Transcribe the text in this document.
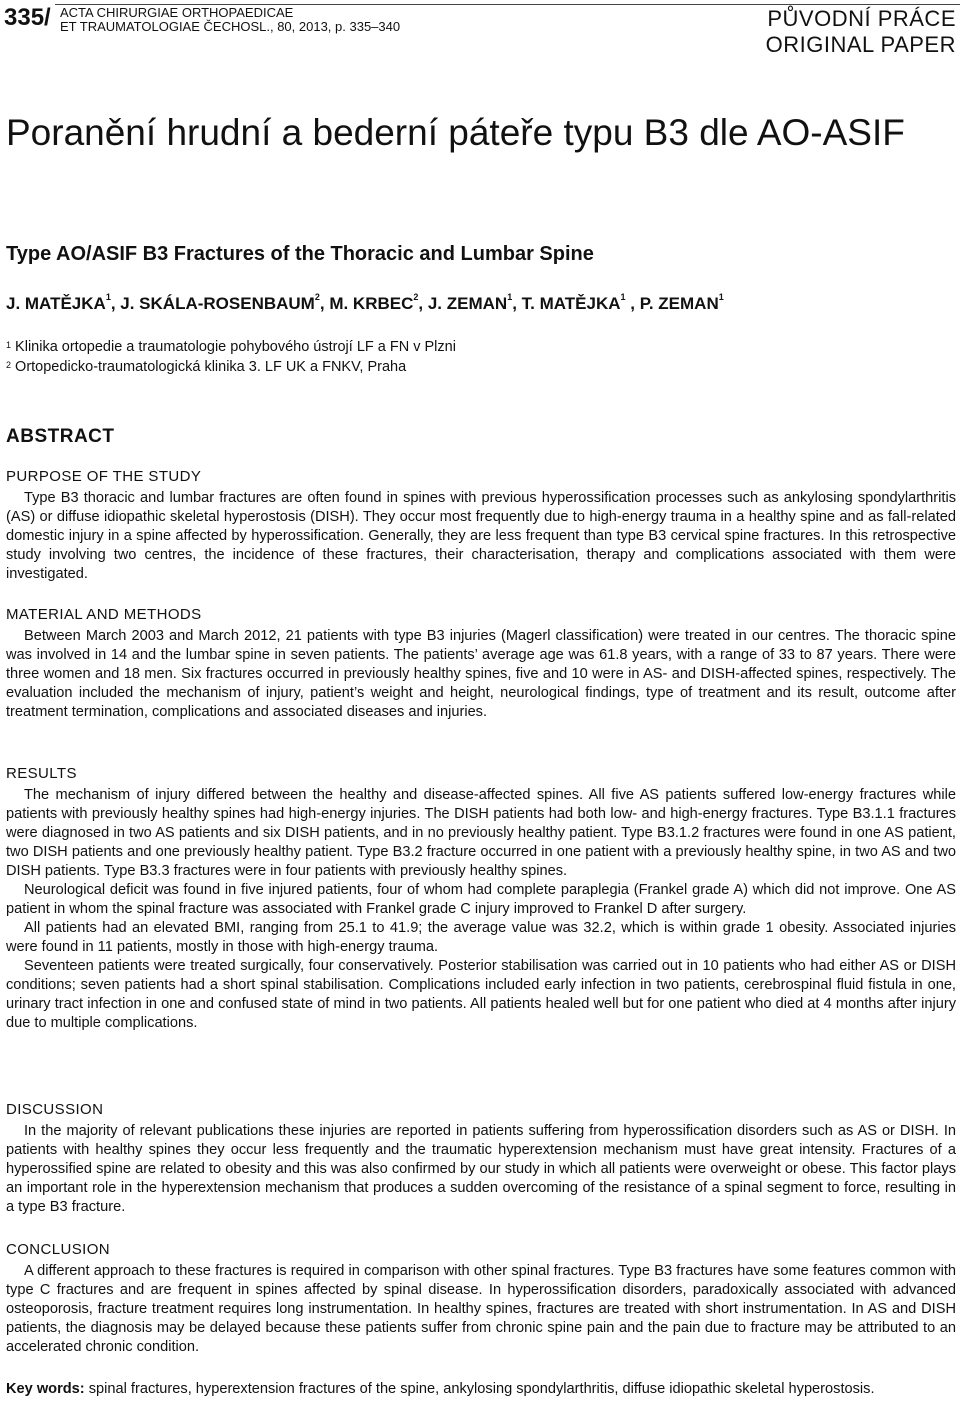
335/ ACTA CHIRURGIAE ORTHOPAEDICAE
ET TRAUMATOLOGIAE ČECHOSL., 80, 2013, p. 335–340	PŮVODNÍ PRÁCE
ORIGINAL PAPER
Poranění hrudní a bederní páteře typu B3 dle AO-ASIF
Type AO/ASIF B3 Fractures of the Thoracic and Lumbar Spine
J. MATĚJKA$^1$, J. SKÁLA-ROSENBAUM$^2$, M. KRBEC$^2$, J. ZEMAN$^1$, T. MATĚJKA$^1$ , P. ZEMAN$^1$
$^1$ Klinika ortopedie a traumatologie pohybového ústrojí LF a FN v Plzni
$^2$ Ortopedicko-traumatologická klinika 3. LF UK a FNKV, Praha
ABSTRACT
PURPOSE OF THE STUDY

Type B3 thoracic and lumbar fractures are often found in spines with previous hyperossification processes such as ankylosing spondylarthritis (AS) or diffuse idiopathic skeletal hyperostosis (DISH). They occur most frequently due to high-energy trauma in a healthy spine and as fall-related domestic injury in a spine affected by hyperossification. Generally, they are less frequent than type B3 cervical spine fractures. In this retrospective study involving two centres, the incidence of these fractures, their characterisation, therapy and complications associated with them were investigated.

MATERIAL AND METHODS

Between March 2003 and March 2012, 21 patients with type B3 injuries (Magerl classification) were treated in our centres. The thoracic spine was involved in 14 and the lumbar spine in seven patients. The patients’ average age was 61.8 years, with a range of 33 to 87 years. There were three women and 18 men. Six fractures occurred in previously healthy spines, five and 10 were in AS- and DISH-affected spines, respectively. The evaluation included the mechanism of injury, patient’s weight and height, neurological findings, type of treatment and its result, outcome after treatment termination, complications and associated diseases and injuries.

RESULTS

The mechanism of injury differed between the healthy and disease-affected spines. All five AS patients suffered low-energy fractures while patients with previously healthy spines had high-energy injuries. The DISH patients had both low- and high-energy fractures. Type B3.1.1 fractures were diagnosed in two AS patients and six DISH patients, and in no previously healthy patient. Type B3.1.2 fractures were found in one AS patient, two DISH patients and one previously healthy patient. Type B3.2 fracture occurred in one patient with a previously healthy spine, in two AS and two DISH patients. Type B3.3 fractures were in four patients with previously healthy spines.

Neurological deficit was found in five injured patients, four of whom had complete paraplegia (Frankel grade A) which did not improve. One AS patient in whom the spinal fracture was associated with Frankel grade C injury improved to Frankel D after surgery.

All patients had an elevated BMI, ranging from 25.1 to 41.9; the average value was 32.2, which is within grade 1 obesity. Associated injuries were found in 11 patients, mostly in those with high-energy trauma.

Seventeen patients were treated surgically, four conservatively. Posterior stabilisation was carried out in 10 patients who had either AS or DISH conditions; seven patients had a short spinal stabilisation. Complications included early infection in two patients, cerebrospinal fluid fistula in one, urinary tract infection in one and confused state of mind in two patients. All patients healed well but for one patient who died at 4 months after injury due to multiple complications.

DISCUSSION

In the majority of relevant publications these injuries are reported in patients suffering from hyperossification disorders such as AS or DISH. In patients with healthy spines they occur less frequently and the traumatic hyperextension mechanism must have great intensity. Fractures of a hyperossified spine are related to obesity and this was also confirmed by our study in which all patients were overweight or obese. This factor plays an important role in the hyperextension mechanism that produces a sudden overcoming of the resistance of a spinal segment to force, resulting in a type B3 fracture.

CONCLUSION

A different approach to these fractures is required in comparison with other spinal fractures. Type B3 fractures have some features common with type C fractures and are frequent in spines affected by spinal disease. In hyperossification disorders, paradoxically associated with advanced osteoporosis, fracture treatment requires long instrumentation. In healthy spines, fractures are treated with short instrumentation. In AS and DISH patients, the diagnosis may be delayed because these patients suffer from chronic spine pain and the pain due to fracture may be attributed to an accelerated chronic condition.

Key words: spinal fractures, hyperextension fractures of the spine, ankylosing spondylarthritis, diffuse idiopathic skeletal hyperostosis.
